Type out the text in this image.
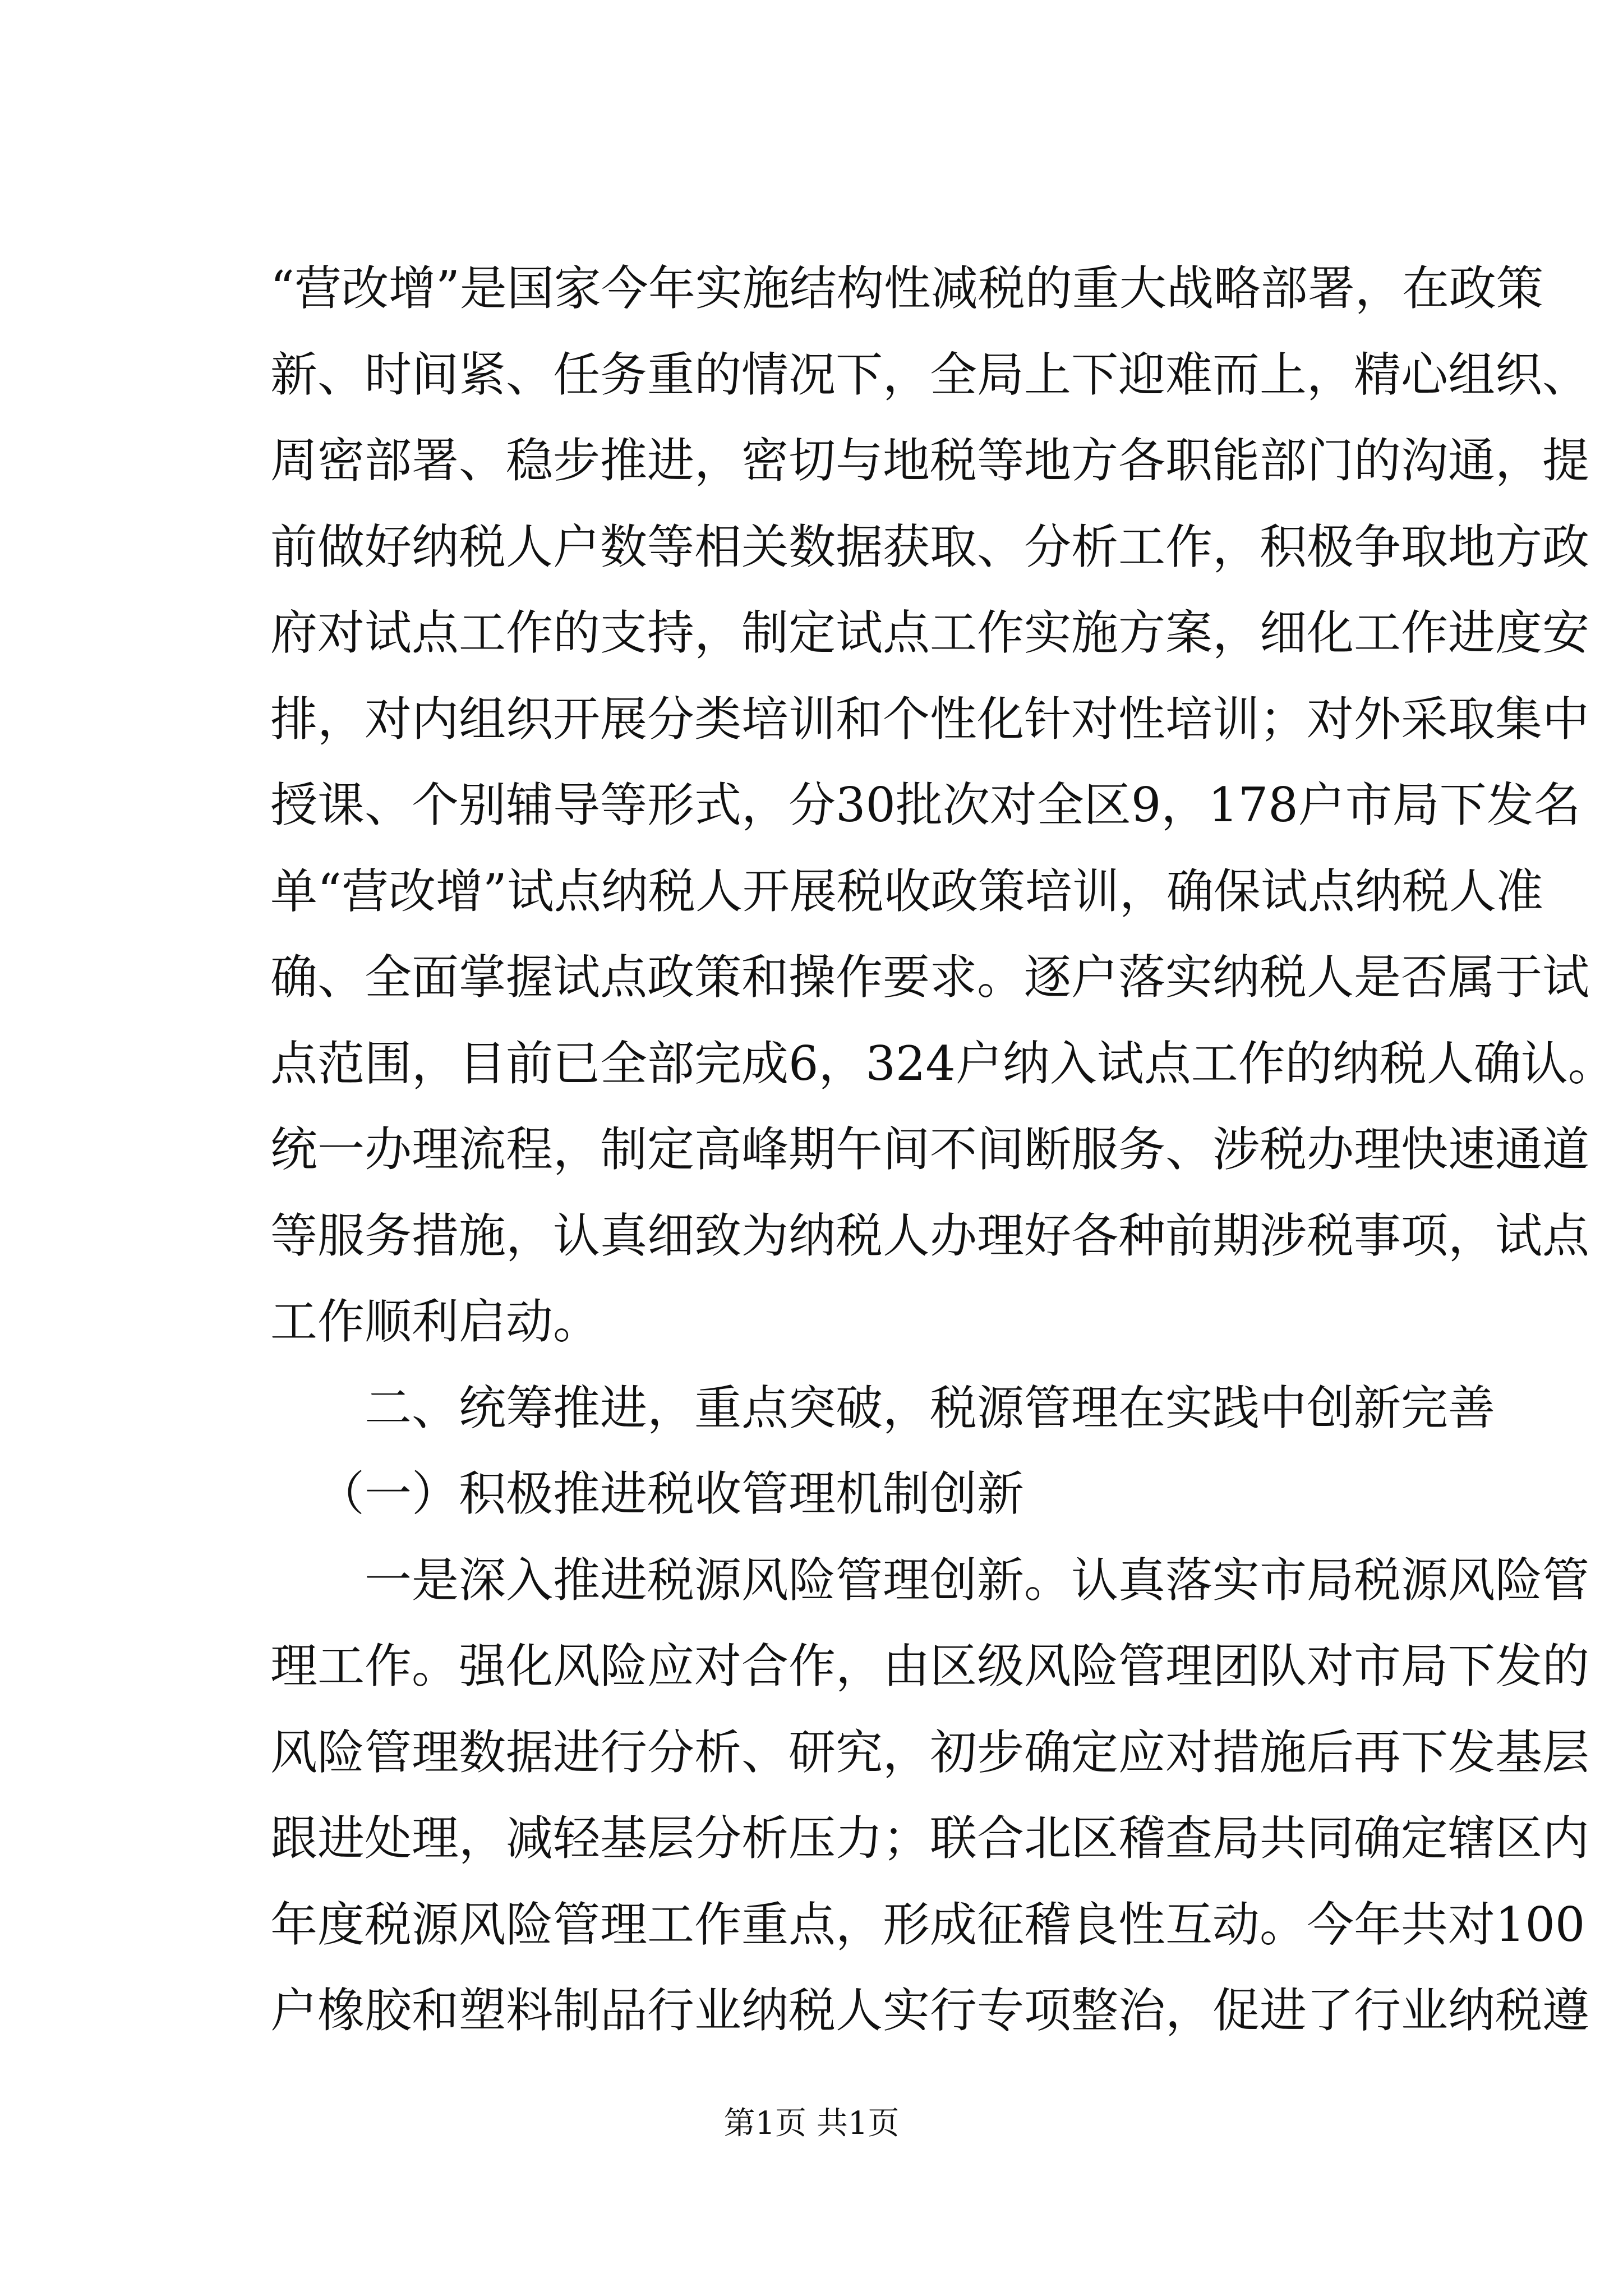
“营改增”是国家今年实施结构性减税的重大战略部署，在政策
新、时间紧、任务重的情况下，全局上下迎难而上，精心组织、
周密部署、稳步推进，密切与地税等地方各职能部门的沟通，提
前做好纳税人户数等相关数据获取、分析工作，积极争取地方政
府对试点工作的支持，制定试点工作实施方案，细化工作进度安
排，对内组织开展分类培训和个性化针对性培训；对外采取集中
授课、个别辅导等形式，分30批次对全区9，178户市局下发名
单“营改增”试点纳税人开展税收政策培训，确保试点纳税人准
确、全面掌握试点政策和操作要求。逐户落实纳税人是否属于试
点范围，目前已全部完成6，324户纳入试点工作的纳税人确认。
统一办理流程，制定高峰期午间不间断服务、涉税办理快速通道
等服务措施，认真细致为纳税人办理好各种前期涉税事项，试点
工作顺利启动。
二、统筹推进，重点突破，税源管理在实践中创新完善
（一）积极推进税收管理机制创新
一是深入推进税源风险管理创新。认真落实市局税源风险管
理工作。强化风险应对合作，由区级风险管理团队对市局下发的
风险管理数据进行分析、研究，初步确定应对措施后再下发基层
跟进处理，减轻基层分析压力；联合北区稽查局共同确定辖区内
年度税源风险管理工作重点，形成征稽良性互动。今年共对100
户橡胶和塑料制品行业纳税人实行专项整治，促进了行业纳税遵
第1页 共1页
